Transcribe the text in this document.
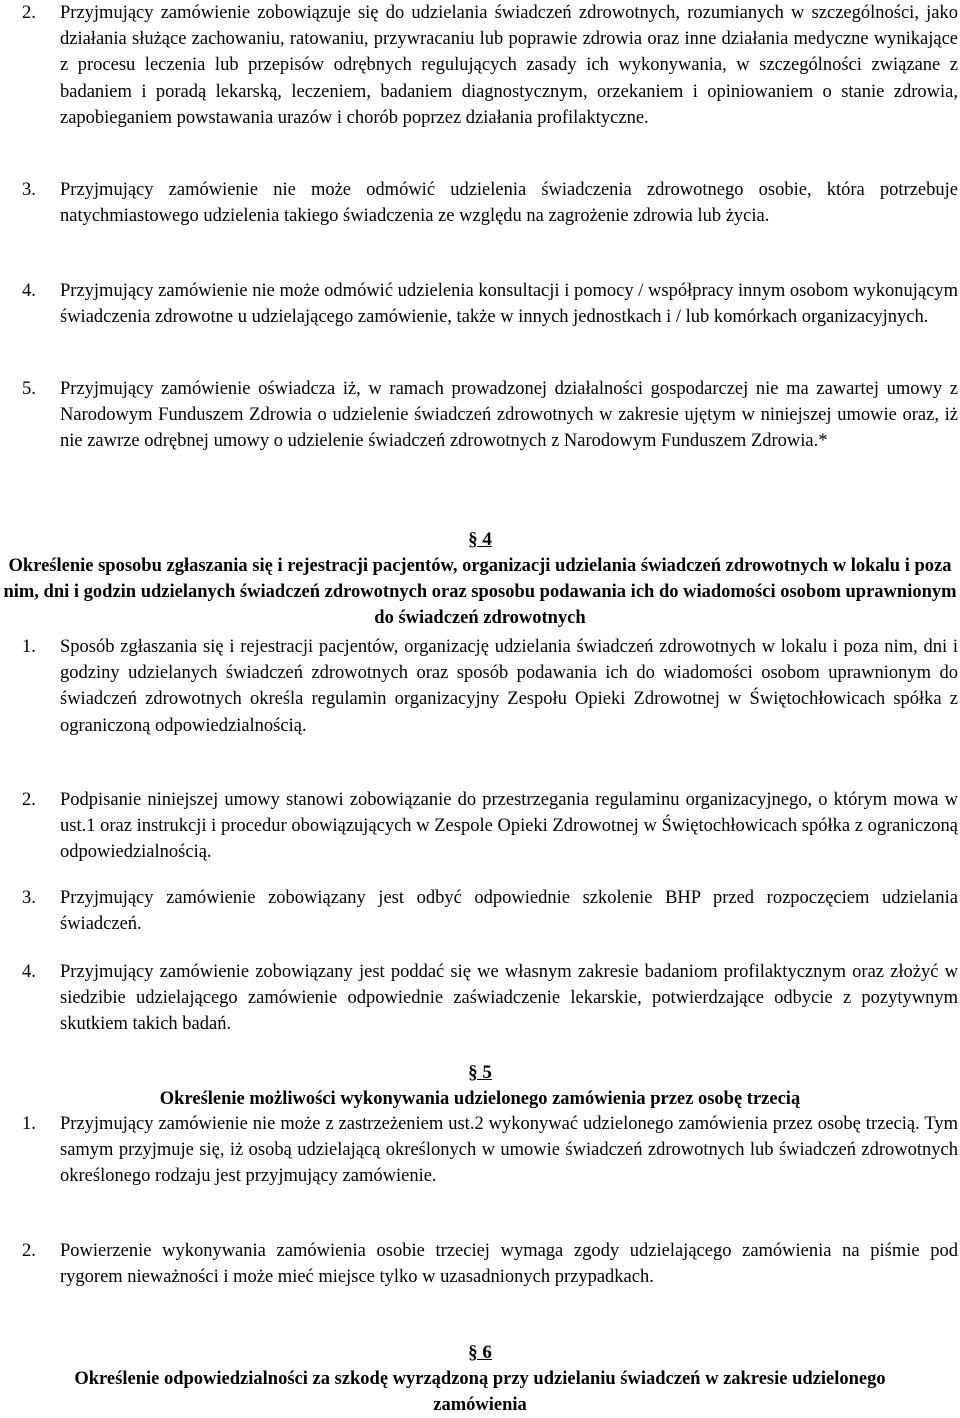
2.	Przyjmujący zamówienie zobowiązuje się do udzielania świadczeń zdrowotnych, rozumianych w szczególności, jako działania służące zachowaniu, ratowaniu, przywracaniu lub poprawie zdrowia oraz inne działania medyczne wynikające z procesu leczenia lub przepisów odrębnych regulujących zasady ich wykonywania, w szczególności związane z badaniem i poradą lekarską, leczeniem, badaniem diagnostycznym, orzekaniem i opiniowaniem o stanie zdrowia, zapobieganiem powstawania urazów i chorób poprzez działania profilaktyczne.
3.	Przyjmujący zamówienie nie może odmówić udzielenia świadczenia zdrowotnego osobie, która potrzebuje natychmiastowego udzielenia takiego świadczenia ze względu na zagrożenie zdrowia lub życia.
4.	Przyjmujący zamówienie nie może odmówić udzielenia konsultacji i pomocy / współpracy innym osobom wykonującym świadczenia zdrowotne u udzielającego zamówienie, także w innych jednostkach i / lub komórkach organizacyjnych.
5.	Przyjmujący zamówienie oświadcza iż, w ramach prowadzonej działalności gospodarczej nie ma zawartej umowy z Narodowym Funduszem Zdrowia o udzielenie świadczeń zdrowotnych w zakresie ujętym w niniejszej umowie oraz, iż nie zawrze odrębnej umowy o udzielenie świadczeń zdrowotnych z Narodowym Funduszem Zdrowia.*
§ 4

Określenie sposobu zgłaszania się i rejestracji pacjentów, organizacji udzielania świadczeń zdrowotnych w lokalu i poza nim, dni i godzin udzielanych świadczeń zdrowotnych oraz sposobu podawania ich do wiadomości osobom uprawnionym do świadczeń zdrowotnych

1.	Sposób zgłaszania się i rejestracji pacjentów, organizację udzielania świadczeń zdrowotnych w lokalu i poza nim, dni i godziny udzielanych świadczeń zdrowotnych oraz sposób podawania ich do wiadomości osobom uprawnionym do świadczeń zdrowotnych określa regulamin organizacyjny Zespołu Opieki Zdrowotnej w Świętochłowicach spółka z ograniczoną odpowiedzialnością.
2.	Podpisanie niniejszej umowy stanowi zobowiązanie do przestrzegania regulaminu organizacyjnego, o którym mowa w ust.1 oraz instrukcji i procedur obowiązujących w Zespole Opieki Zdrowotnej w Świętochłowicach spółka z ograniczoną odpowiedzialnością.
3.	Przyjmujący zamówienie zobowiązany jest odbyć odpowiednie szkolenie BHP przed rozpoczęciem udzielania świadczeń.
4.	Przyjmujący zamówienie zobowiązany jest poddać się we własnym zakresie badaniom profilaktycznym oraz złożyć w siedzibie udzielającego zamówienie odpowiednie zaświadczenie lekarskie, potwierdzające odbycie z pozytywnym skutkiem takich badań.
§ 5

Określenie możliwości wykonywania udzielonego zamówienia przez osobę trzecią

1.	Przyjmujący zamówienie nie może z zastrzeżeniem ust.2 wykonywać udzielonego zamówienia przez osobę trzecią. Tym samym przyjmuje się, iż osobą udzielającą określonych w umowie świadczeń zdrowotnych lub świadczeń zdrowotnych określonego rodzaju jest przyjmujący zamówienie.
2.	Powierzenie wykonywania zamówienia osobie trzeciej wymaga zgody udzielającego zamówienia na piśmie pod rygorem nieważności i może mieć miejsce tylko w uzasadnionych przypadkach.
§ 6

Określenie odpowiedzialności za szkodę wyrządzoną przy udzielaniu świadczeń w zakresie udzielonego zamówienia
